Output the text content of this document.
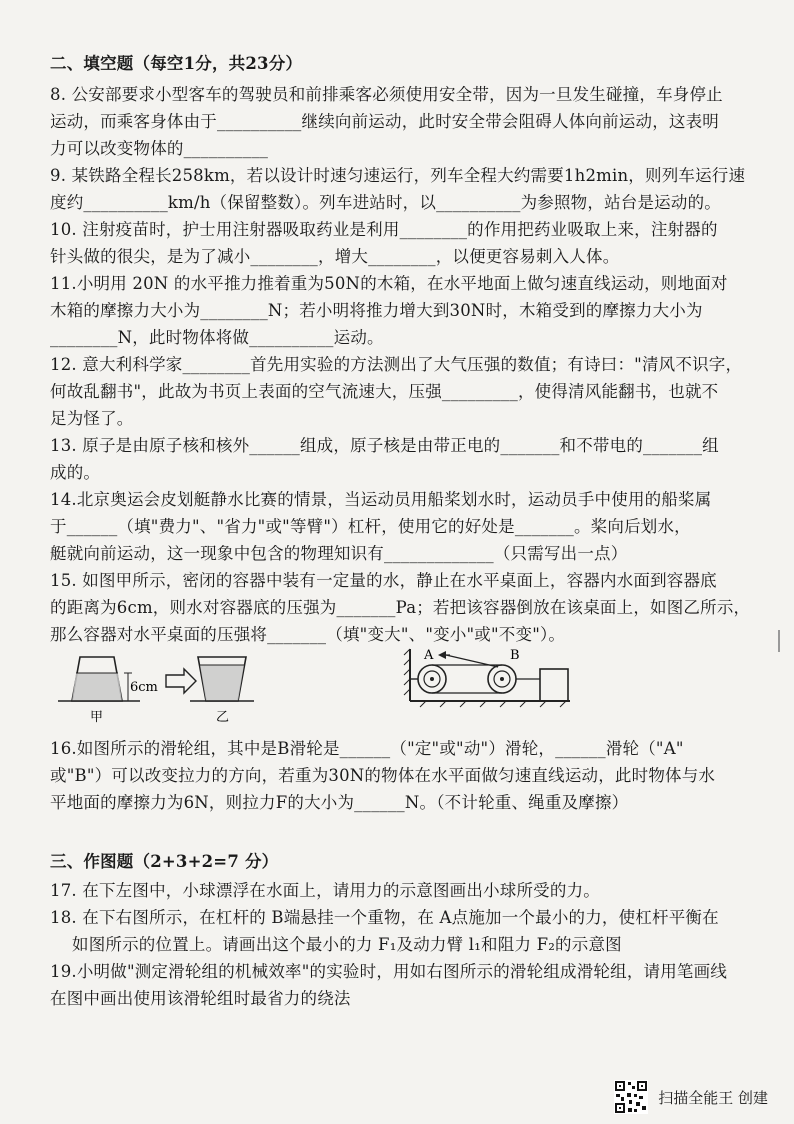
二、填空题（每空1分，共23分）
8. 公安部要求小型客车的驾驶员和前排乘客必须使用安全带，因为一旦发生碰撞，车身停止
运动，而乘客身体由于__________继续向前运动，此时安全带会阻碍人体向前运动，这表明
力可以改变物体的__________
9. 某铁路全程长258km，若以设计时速匀速运行，列车全程大约需要1h2min，则列车运行速
度约__________km/h（保留整数）。列车进站时，以__________为参照物，站台是运动的。
10. 注射疫苗时，护士用注射器吸取药业是利用________的作用把药业吸取上来，注射器的
针头做的很尖，是为了减小________，增大________，以便更容易刺入人体。
11.小明用 20N 的水平推力推着重为50N的木箱，在水平地面上做匀速直线运动，则地面对
木箱的摩擦力大小为________N；若小明将推力增大到30N时，木箱受到的摩擦力大小为
________N，此时物体将做__________运动。
12. 意大利科学家________首先用实验的方法测出了大气压强的数值；有诗曰："清风不识字，
何故乱翻书"，此故为书页上表面的空气流速大，压强_________，使得清风能翻书，也就不
足为怪了。
13. 原子是由原子核和核外______组成，原子核是由带正电的_______和不带电的_______组
成的。
14.北京奥运会皮划艇静水比赛的情景，当运动员用船桨划水时，运动员手中使用的船桨属
于______（填"费力"、"省力"或"等臂"）杠杆，使用它的好处是_______。桨向后划水，
艇就向前运动，这一现象中包含的物理知识有_____________（只需写出一点）
15. 如图甲所示，密闭的容器中装有一定量的水，静止在水平桌面上，容器内水面到容器底
的距离为6cm，则水对容器底的压强为_______Pa；若把该容器倒放在该桌面上，如图乙所示，
那么容器对水平桌面的压强将_______（填"变大"、"变小"或"不变"）。
6cm
甲	乙
A	B
16.如图所示的滑轮组，其中是B滑轮是______（"定"或"动"）滑轮，______滑轮（"A"
或"B"）可以改变拉力的方向，若重为30N的物体在水平面做匀速直线运动，此时物体与水
平地面的摩擦力为6N，则拉力F的大小为______N。（不计轮重、绳重及摩擦）
三、作图题（2+3+2=7 分）
17. 在下左图中，小球漂浮在水面上，请用力的示意图画出小球所受的力。
18. 在下右图所示，在杠杆的 B端悬挂一个重物，在 A点施加一个最小的力，使杠杆平衡在
如图所示的位置上。请画出这个最小的力 F₁及动力臂 l₁和阻力 F₂的示意图
19.小明做"测定滑轮组的机械效率"的实验时，用如右图所示的滑轮组成滑轮组，请用笔画线
在图中画出使用该滑轮组时最省力的绕法
扫描全能王 创建
